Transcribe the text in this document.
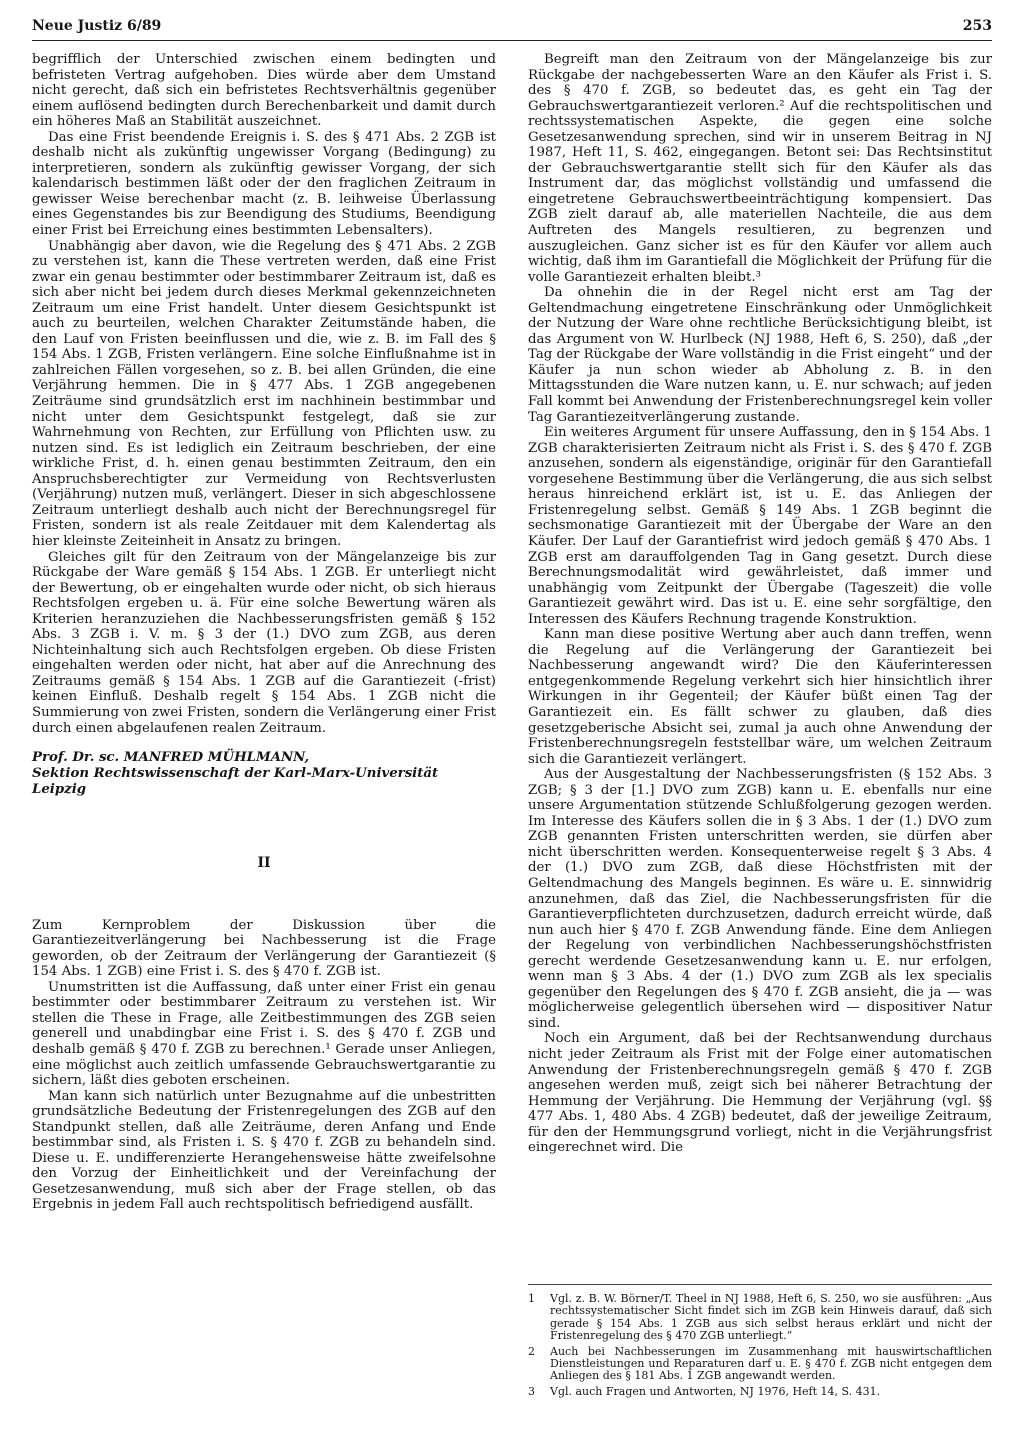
Neue Justiz 6/89	253

begrifflich der Unterschied zwischen einem bedingten und befristeten Vertrag aufgehoben. Dies würde aber dem Umstand nicht gerecht, daß sich ein befristetes Rechtsverhältnis gegenüber einem auflösend bedingten durch Berechenbarkeit und damit durch ein höheres Maß an Stabilität auszeichnet.

Das eine Frist beendende Ereignis i. S. des § 471 Abs. 2 ZGB ist deshalb nicht als zukünftig ungewisser Vorgang (Bedingung) zu interpretieren, sondern als zukünftig gewisser Vorgang, der sich kalendarisch bestimmen läßt oder der den fraglichen Zeitraum in gewisser Weise berechenbar macht (z. B. leihweise Überlassung eines Gegenstandes bis zur Beendigung des Studiums, Beendigung einer Frist bei Erreichung eines bestimmten Lebensalters).

Unabhängig aber davon, wie die Regelung des § 471 Abs. 2 ZGB zu verstehen ist, kann die These vertreten werden, daß eine Frist zwar ein genau bestimmter oder bestimmbarer Zeitraum ist, daß es sich aber nicht bei jedem durch dieses Merkmal gekennzeichneten Zeitraum um eine Frist handelt. Unter diesem Gesichtspunkt ist auch zu beurteilen, welchen Charakter Zeitumstände haben, die den Lauf von Fristen beeinflussen und die, wie z. B. im Fall des § 154 Abs. 1 ZGB, Fristen verlängern. Eine solche Einflußnahme ist in zahlreichen Fällen vorgesehen, so z. B. bei allen Gründen, die eine Verjährung hemmen. Die in § 477 Abs. 1 ZGB angegebenen Zeiträume sind grundsätzlich erst im nachhinein bestimmbar und nicht unter dem Gesichtspunkt festgelegt, daß sie zur Wahrnehmung von Rechten, zur Erfüllung von Pflichten usw. zu nutzen sind. Es ist lediglich ein Zeitraum beschrieben, der eine wirkliche Frist, d. h. einen genau bestimmten Zeitraum, den ein Anspruchsberechtigter zur Vermeidung von Rechtsverlusten (Verjährung) nutzen muß, verlängert. Dieser in sich abgeschlossene Zeitraum unterliegt deshalb auch nicht der Berechnungsregel für Fristen, sondern ist als reale Zeitdauer mit dem Kalendertag als hier kleinste Zeiteinheit in Ansatz zu bringen.

Gleiches gilt für den Zeitraum von der Mängelanzeige bis zur Rückgabe der Ware gemäß § 154 Abs. 1 ZGB. Er unterliegt nicht der Bewertung, ob er eingehalten wurde oder nicht, ob sich hieraus Rechtsfolgen ergeben u. ä. Für eine solche Bewertung wären als Kriterien heranzuziehen die Nachbesserungsfristen gemäß § 152 Abs. 3 ZGB i. V. m. § 3 der (1.) DVO zum ZGB, aus deren Nichteinhaltung sich auch Rechtsfolgen ergeben. Ob diese Fristen eingehalten werden oder nicht, hat aber auf die Anrechnung des Zeitraums gemäß § 154 Abs. 1 ZGB auf die Garantiezeit (-frist) keinen Einfluß. Deshalb regelt § 154 Abs. 1 ZGB nicht die Summierung von zwei Fristen, sondern die Verlängerung einer Frist durch einen abgelaufenen realen Zeitraum.

Prof. Dr. sc. MANFRED MÜHLMANN,
Sektion Rechtswissenschaft der Karl-Marx-Universität Leipzig
II

Zum Kernproblem der Diskussion über die Garantiezeitverlängerung bei Nachbesserung ist die Frage geworden, ob der Zeitraum der Verlängerung der Garantiezeit (§ 154 Abs. 1 ZGB) eine Frist i. S. des § 470 f. ZGB ist.

Unumstritten ist die Auffassung, daß unter einer Frist ein genau bestimmter oder bestimmbarer Zeitraum zu verstehen ist. Wir stellen die These in Frage, alle Zeitbestimmungen des ZGB seien generell und unabdingbar eine Frist i. S. des § 470 f. ZGB und deshalb gemäß § 470 f. ZGB zu berechnen.¹ Gerade unser Anliegen, eine möglichst auch zeitlich umfassende Gebrauchswertgarantie zu sichern, läßt dies geboten erscheinen.

Man kann sich natürlich unter Bezugnahme auf die unbestritten grundsätzliche Bedeutung der Fristenregelungen des ZGB auf den Standpunkt stellen, daß alle Zeiträume, deren Anfang und Ende bestimmbar sind, als Fristen i. S. § 470 f. ZGB zu behandeln sind. Diese u. E. undifferenzierte Herangehensweise hätte zweifelsohne den Vorzug der Einheitlichkeit und der Vereinfachung der Gesetzesanwendung, muß sich aber der Frage stellen, ob das Ergebnis in jedem Fall auch rechtspolitisch befriedigend ausfällt.

Begreift man den Zeitraum von der Mängelanzeige bis zur Rückgabe der nachgebesserten Ware an den Käufer als Frist i. S. des § 470 f. ZGB, so bedeutet das, es geht ein Tag der Gebrauchswertgarantiezeit verloren.² Auf die rechtspolitischen und rechtssystematischen Aspekte, die gegen eine solche Gesetzesanwendung sprechen, sind wir in unserem Beitrag in NJ 1987, Heft 11, S. 462, eingegangen. Betont sei: Das Rechtsinstitut der Gebrauchswertgarantie stellt sich für den Käufer als das Instrument dar, das möglichst vollständig und umfassend die eingetretene Gebrauchswertbeeinträchtigung kompensiert. Das ZGB zielt darauf ab, alle materiellen Nachteile, die aus dem Auftreten des Mangels resultieren, zu begrenzen und auszugleichen. Ganz sicher ist es für den Käufer vor allem auch wichtig, daß ihm im Garantiefall die Möglichkeit der Prüfung für die volle Garantiezeit erhalten bleibt.³

Da ohnehin die in der Regel nicht erst am Tag der Geltendmachung eingetretene Einschränkung oder Unmöglichkeit der Nutzung der Ware ohne rechtliche Berücksichtigung bleibt, ist das Argument von W. Hurlbeck (NJ 1988, Heft 6, S. 250), daß „der Tag der Rückgabe der Ware vollständig in die Frist eingeht“ und der Käufer ja nun schon wieder ab Abholung z. B. in den Mittagsstunden die Ware nutzen kann, u. E. nur schwach; auf jeden Fall kommt bei Anwendung der Fristenberechnungsregel kein voller Tag Garantiezeitverlängerung zustande.

Ein weiteres Argument für unsere Auffassung, den in § 154 Abs. 1 ZGB charakterisierten Zeitraum nicht als Frist i. S. des § 470 f. ZGB anzusehen, sondern als eigenständige, originär für den Garantiefall vorgesehene Bestimmung über die Verlängerung, die aus sich selbst heraus hinreichend erklärt ist, ist u. E. das Anliegen der Fristenregelung selbst. Gemäß § 149 Abs. 1 ZGB beginnt die sechsmonatige Garantiezeit mit der Übergabe der Ware an den Käufer. Der Lauf der Garantiefrist wird jedoch gemäß § 470 Abs. 1 ZGB erst am darauffolgenden Tag in Gang gesetzt. Durch diese Berechnungsmodalität wird gewährleistet, daß immer und unabhängig vom Zeitpunkt der Übergabe (Tageszeit) die volle Garantiezeit gewährt wird. Das ist u. E. eine sehr sorgfältige, den Interessen des Käufers Rechnung tragende Konstruktion.

Kann man diese positive Wertung aber auch dann treffen, wenn die Regelung auf die Verlängerung der Garantiezeit bei Nachbesserung angewandt wird? Die den Käuferinteressen entgegenkommende Regelung verkehrt sich hier hinsichtlich ihrer Wirkungen in ihr Gegenteil; der Käufer büßt einen Tag der Garantiezeit ein. Es fällt schwer zu glauben, daß dies gesetzgeberische Absicht sei, zumal ja auch ohne Anwendung der Fristenberechnungsregeln feststellbar wäre, um welchen Zeitraum sich die Garantiezeit verlängert.

Aus der Ausgestaltung der Nachbesserungsfristen (§ 152 Abs. 3 ZGB; § 3 der [1.] DVO zum ZGB) kann u. E. ebenfalls nur eine unsere Argumentation stützende Schlußfolgerung gezogen werden. Im Interesse des Käufers sollen die in § 3 Abs. 1 der (1.) DVO zum ZGB genannten Fristen unterschritten werden, sie dürfen aber nicht überschritten werden. Konsequenterweise regelt § 3 Abs. 4 der (1.) DVO zum ZGB, daß diese Höchstfristen mit der Geltendmachung des Mangels beginnen. Es wäre u. E. sinnwidrig anzunehmen, daß das Ziel, die Nachbesserungsfristen für die Garantieverpflichteten durchzusetzen, dadurch erreicht würde, daß nun auch hier § 470 f. ZGB Anwendung fände. Eine dem Anliegen der Regelung von verbindlichen Nachbesserungshöchstfristen gerecht werdende Gesetzesanwendung kann u. E. nur erfolgen, wenn man § 3 Abs. 4 der (1.) DVO zum ZGB als lex specialis gegenüber den Regelungen des § 470 f. ZGB ansieht, die ja — was möglicherweise gelegentlich übersehen wird — dispositiver Natur sind.

Noch ein Argument, daß bei der Rechtsanwendung durchaus nicht jeder Zeitraum als Frist mit der Folge einer automatischen Anwendung der Fristenberechnungsregeln gemäß § 470 f. ZGB angesehen werden muß, zeigt sich bei näherer Betrachtung der Hemmung der Verjährung. Die Hemmung der Verjährung (vgl. §§ 477 Abs. 1, 480 Abs. 4 ZGB) bedeutet, daß der jeweilige Zeitraum, für den der Hemmungsgrund vorliegt, nicht in die Verjährungsfrist eingerechnet wird. Die

1	Vgl. z. B. W. Börner/T. Theel in NJ 1988, Heft 6, S. 250, wo sie ausführen: „Aus rechtssystematischer Sicht findet sich im ZGB kein Hinweis darauf, daß sich gerade § 154 Abs. 1 ZGB aus sich selbst heraus erklärt und nicht der Fristenregelung des § 470 ZGB unterliegt.“
2	Auch bei Nachbesserungen im Zusammenhang mit hauswirtschaftlichen Dienstleistungen und Reparaturen darf u. E. § 470 f. ZGB nicht entgegen dem Anliegen des § 181 Abs. 1 ZGB angewandt werden.
3	Vgl. auch Fragen und Antworten, NJ 1976, Heft 14, S. 431.
